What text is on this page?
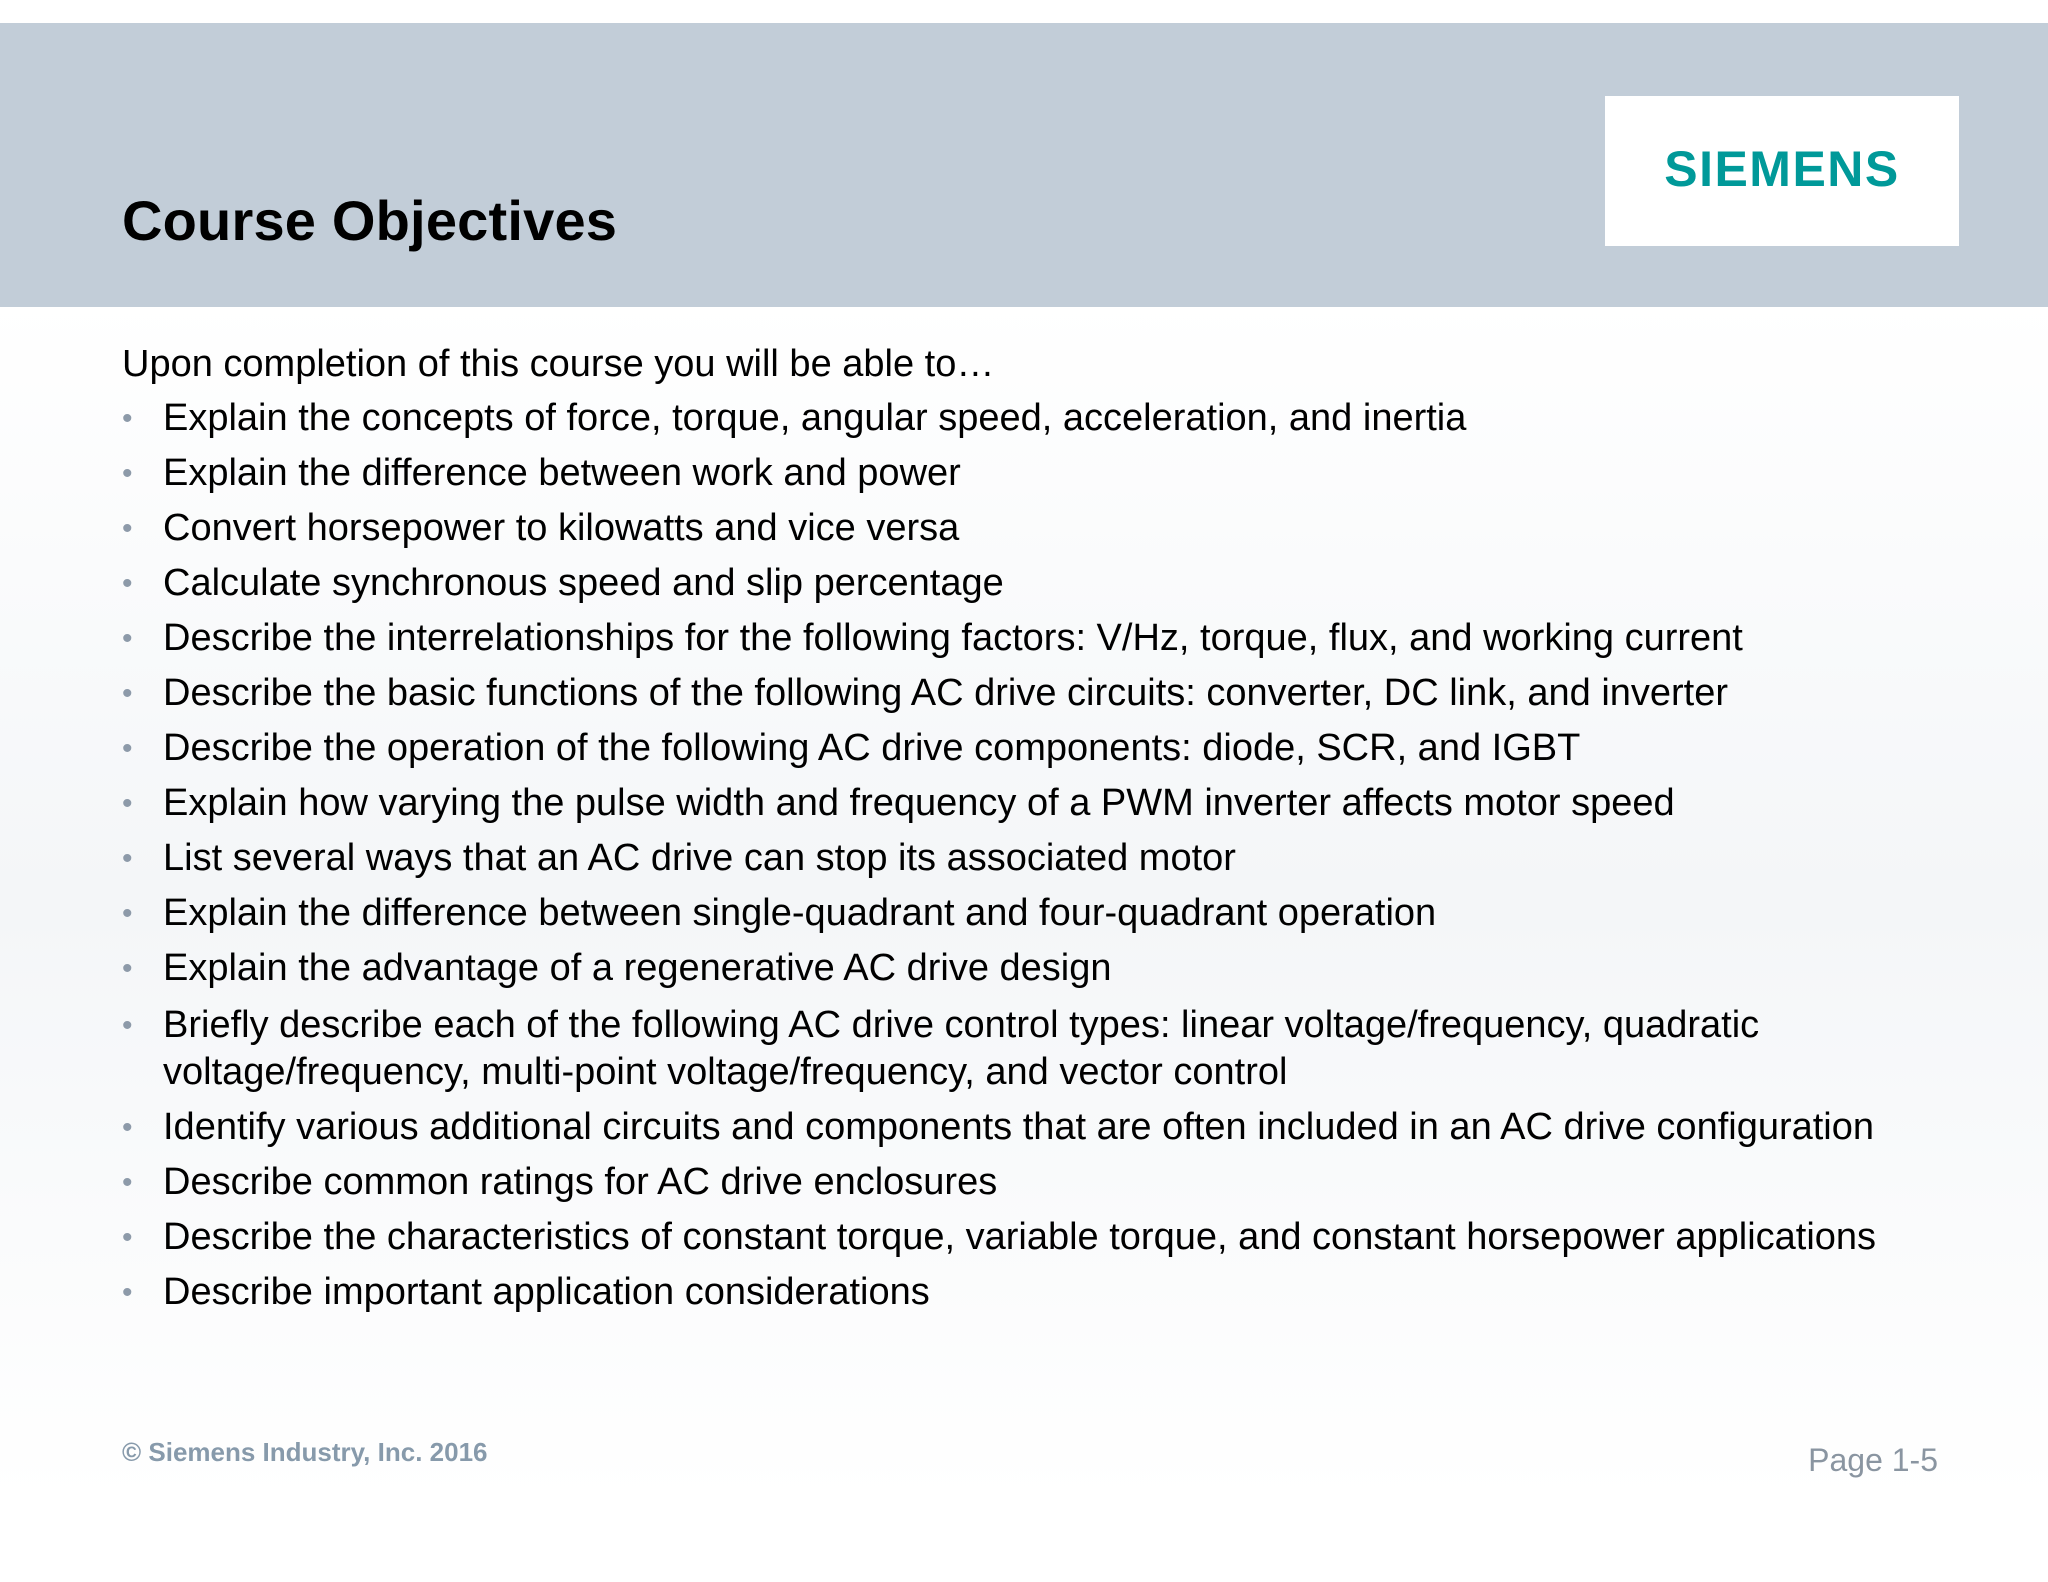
Course Objectives
SIEMENS
Upon completion of this course you will be able to…
• Explain the concepts of force, torque, angular speed, acceleration, and inertia
• Explain the difference between work and power
• Convert horsepower to kilowatts and vice versa
• Calculate synchronous speed and slip percentage
• Describe the interrelationships for the following factors: V/Hz, torque, flux, and working current
• Describe the basic functions of the following AC drive circuits: converter, DC link, and inverter
• Describe the operation of the following AC drive components: diode, SCR, and IGBT
• Explain how varying the pulse width and frequency of a PWM inverter affects motor speed
• List several ways that an AC drive can stop its associated motor
• Explain the difference between single-quadrant and four-quadrant operation
• Explain the advantage of a regenerative AC drive design
• Briefly describe each of the following AC drive control types: linear voltage/frequency, quadratic voltage/frequency, multi-point voltage/frequency, and vector control
• Identify various additional circuits and components that are often included in an AC drive configuration
• Describe common ratings for AC drive enclosures
• Describe the characteristics of constant torque, variable torque, and constant horsepower applications
• Describe important application considerations
© Siemens Industry, Inc. 2016	Page 1-5
